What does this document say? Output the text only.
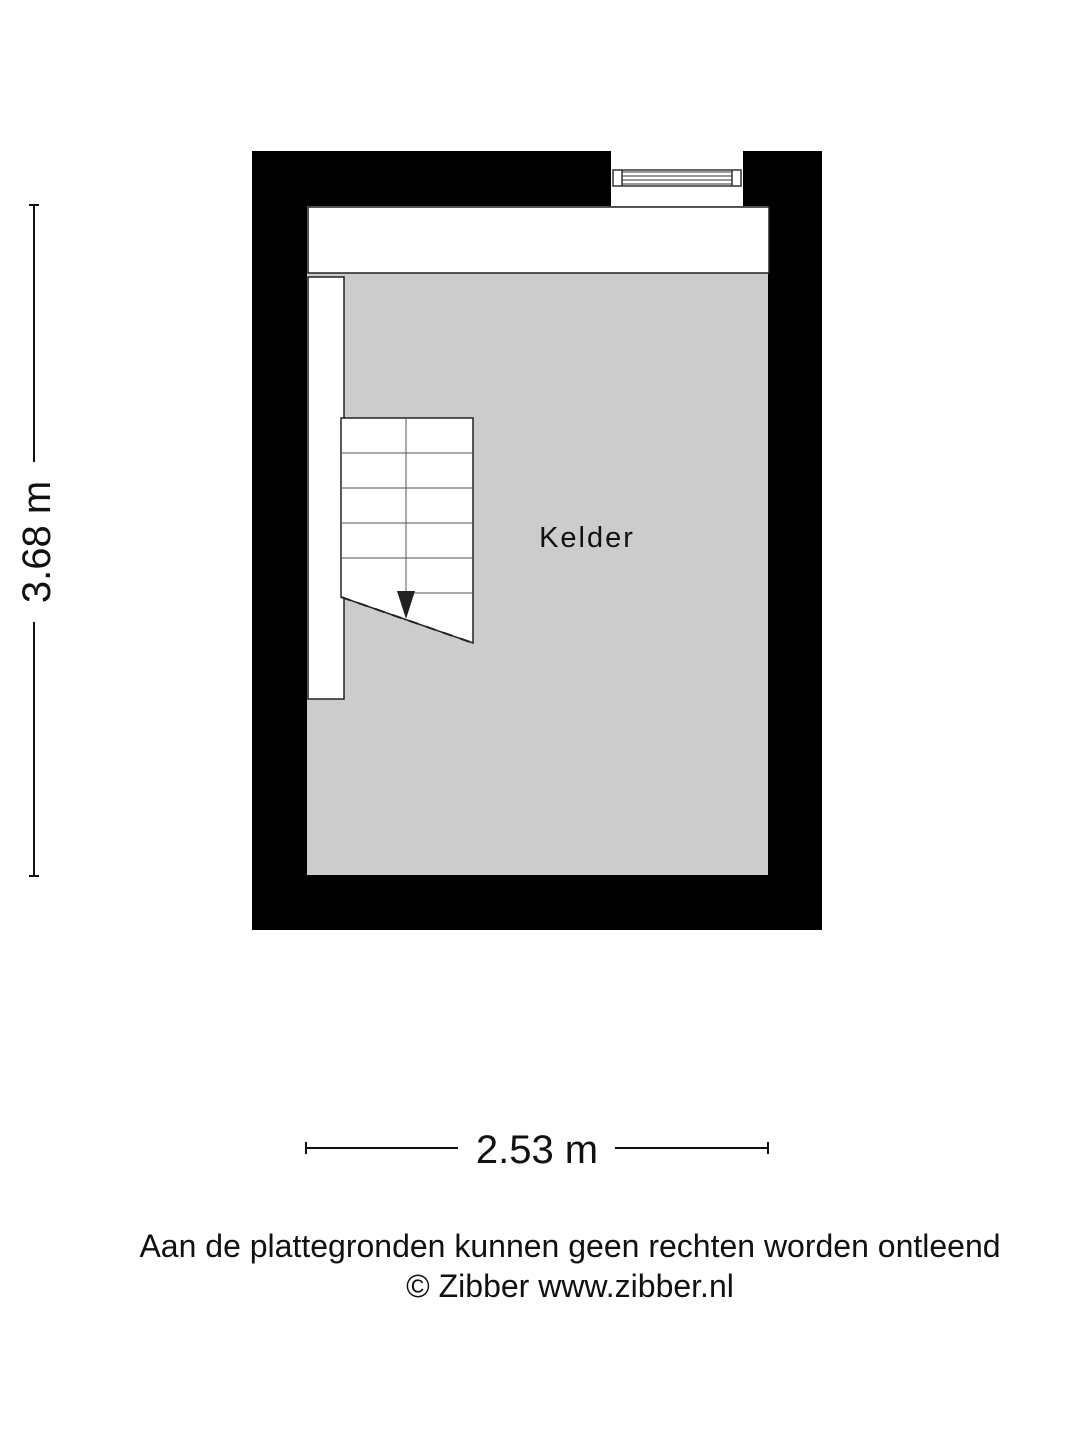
Kelder
3.68 m
2.53 m
Aan de plattegronden kunnen geen rechten worden ontleend
© Zibber www.zibber.nl
